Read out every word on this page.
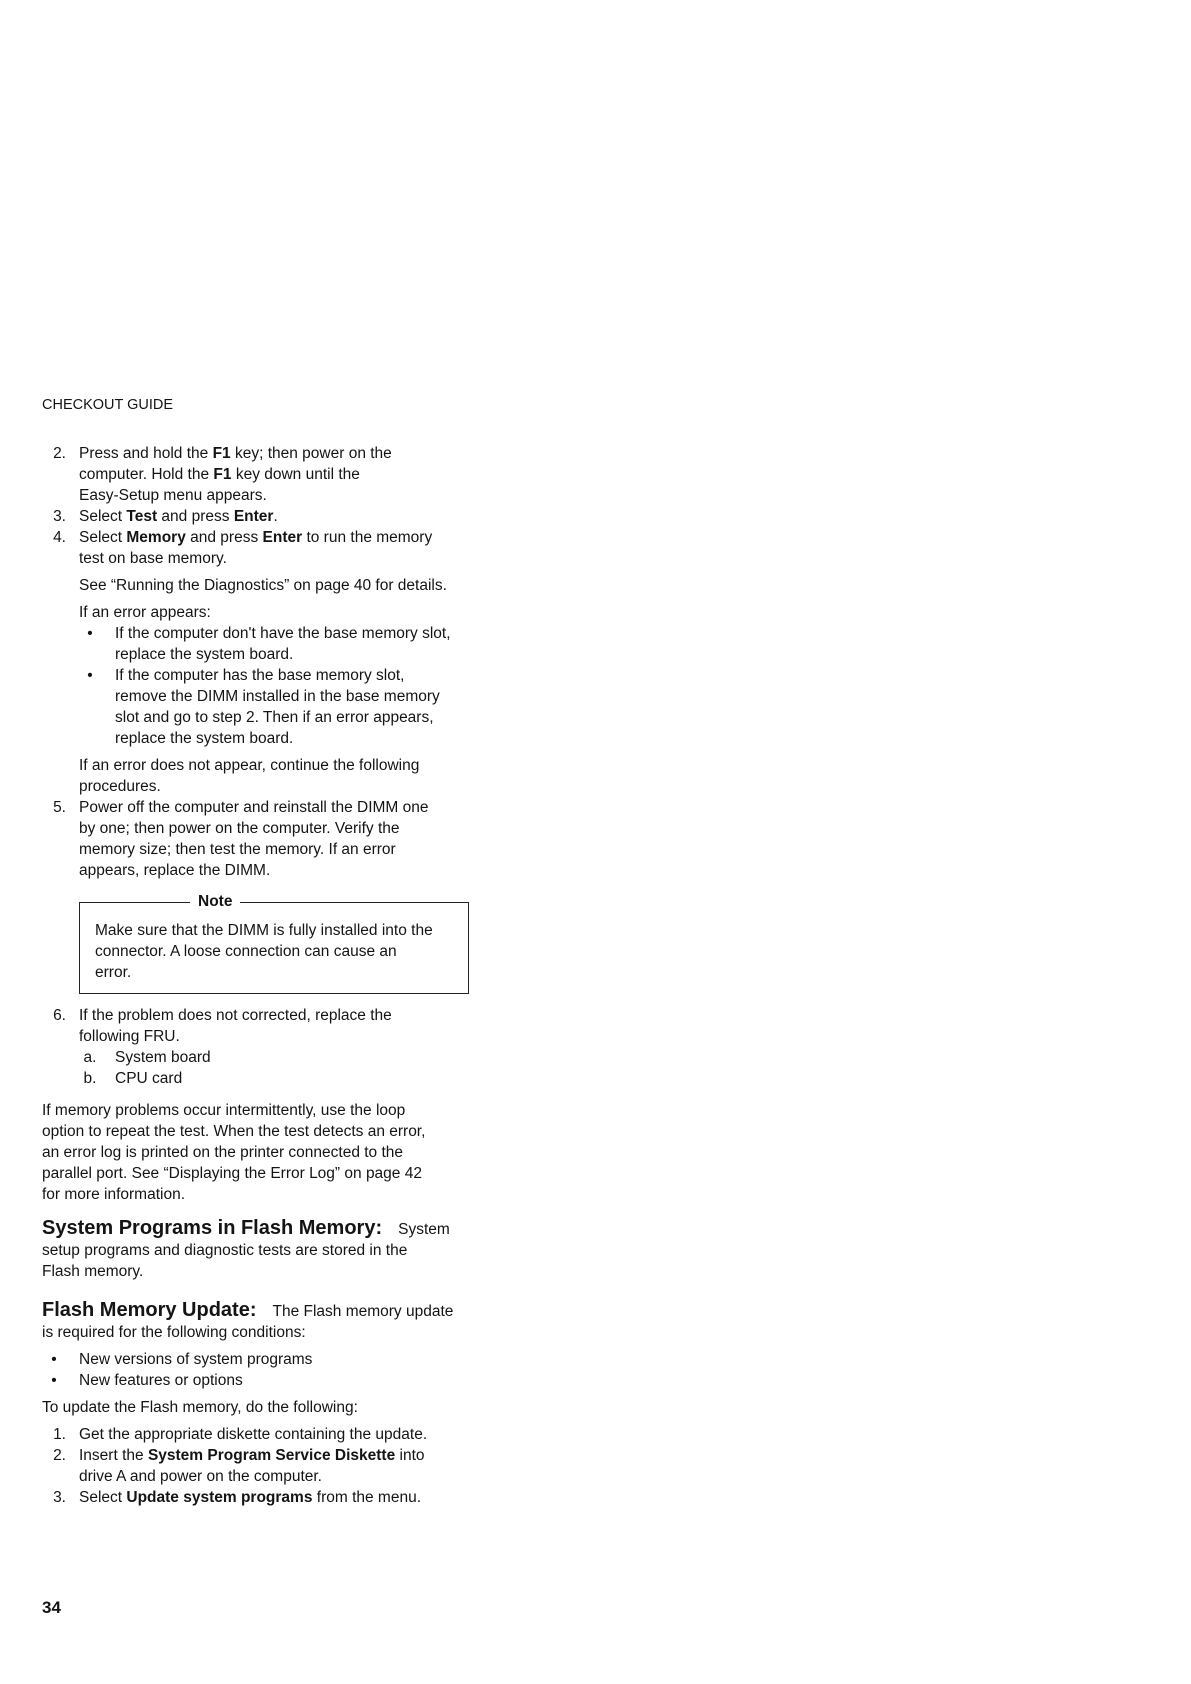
CHECKOUT GUIDE
2. Press and hold the F1 key; then power on the
computer. Hold the F1 key down until the
Easy-Setup menu appears.
3. Select Test and press Enter.
4. Select Memory and press Enter to run the memory
test on base memory.
See “Running the Diagnostics” on page 40 for details.
If an error appears:
•	If the computer don't have the base memory slot,
replace the system board.
•	If the computer has the base memory slot,
remove the DIMM installed in the base memory
slot and go to step 2. Then if an error appears,
replace the system board.
If an error does not appear, continue the following
procedures.
5. Power off the computer and reinstall the DIMM one
by one; then power on the computer. Verify the
memory size; then test the memory. If an error
appears, replace the DIMM.
Note
Make sure that the DIMM is fully installed into the
connector. A loose connection can cause an
error.
6. If the problem does not corrected, replace the
following FRU.
a.	System board
b.	CPU card
If memory problems occur intermittently, use the loop
option to repeat the test. When the test detects an error,
an error log is printed on the printer connected to the
parallel port. See “Displaying the Error Log” on page 42
for more information.
System Programs in Flash Memory: System
setup programs and diagnostic tests are stored in the
Flash memory.
Flash Memory Update: The Flash memory update
is required for the following conditions:
•	New versions of system programs
•	New features or options
To update the Flash memory, do the following:
1. Get the appropriate diskette containing the update.
2. Insert the System Program Service Diskette into
drive A and power on the computer.
3. Select Update system programs from the menu.
34
